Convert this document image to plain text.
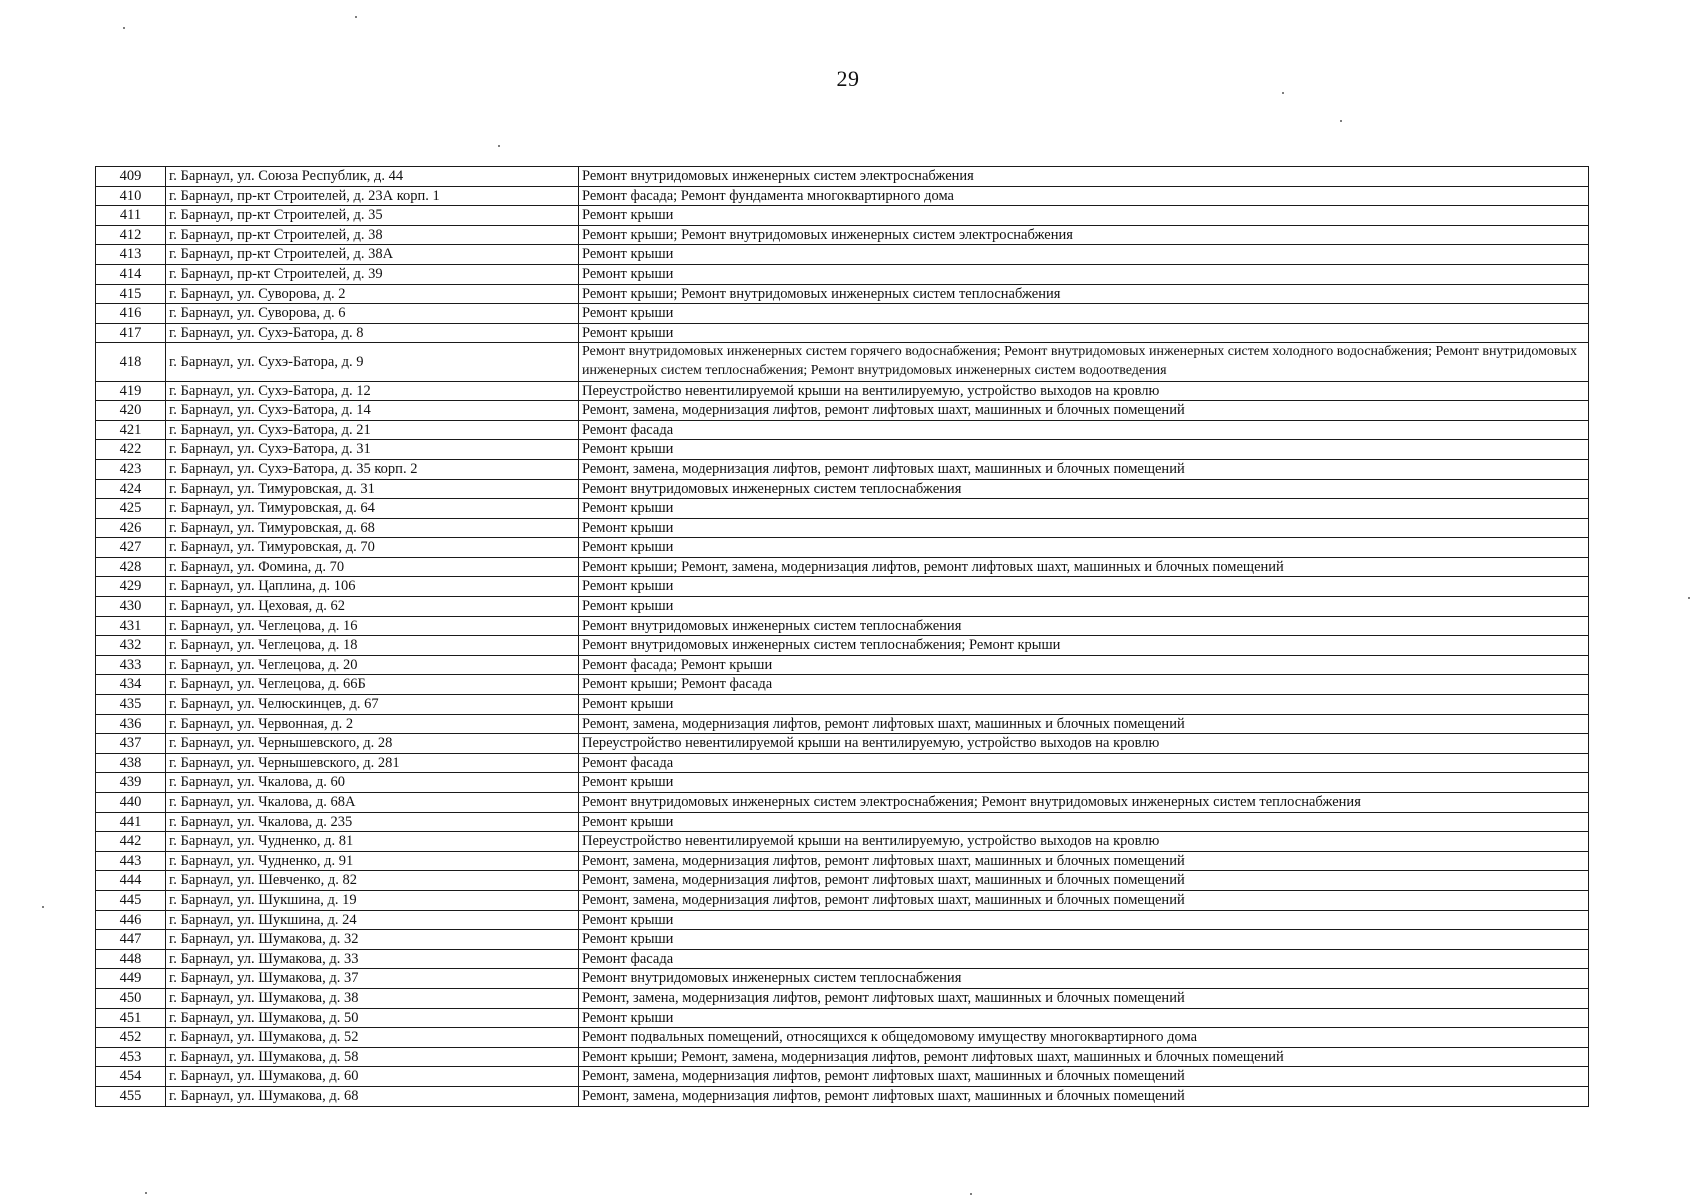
29
409	г. Барнаул, ул. Союза Республик, д. 44	Ремонт внутридомовых инженерных систем электроснабжения
410	г. Барнаул, пр-кт Строителей, д. 23А корп. 1	Ремонт фасада; Ремонт фундамента многоквартирного дома
411	г. Барнаул, пр-кт Строителей, д. 35	Ремонт крыши
412	г. Барнаул, пр-кт Строителей, д. 38	Ремонт крыши; Ремонт внутридомовых инженерных систем электроснабжения
413	г. Барнаул, пр-кт Строителей, д. 38А	Ремонт крыши
414	г. Барнаул, пр-кт Строителей, д. 39	Ремонт крыши
415	г. Барнаул, ул. Суворова, д. 2	Ремонт крыши; Ремонт внутридомовых инженерных систем теплоснабжения
416	г. Барнаул, ул. Суворова, д. 6	Ремонт крыши
417	г. Барнаул, ул. Сухэ-Батора, д. 8	Ремонт крыши
418	г. Барнаул, ул. Сухэ-Батора, д. 9	Ремонт внутридомовых инженерных систем горячего водоснабжения; Ремонт внутридомовых инженерных систем холодного водоснабжения; Ремонт внутридомовых инженерных систем теплоснабжения; Ремонт внутридомовых инженерных систем водоотведения
419	г. Барнаул, ул. Сухэ-Батора, д. 12	Переустройство невентилируемой крыши на вентилируемую, устройство выходов на кровлю
420	г. Барнаул, ул. Сухэ-Батора, д. 14	Ремонт, замена, модернизация лифтов, ремонт лифтовых шахт, машинных и блочных помещений
421	г. Барнаул, ул. Сухэ-Батора, д. 21	Ремонт фасада
422	г. Барнаул, ул. Сухэ-Батора, д. 31	Ремонт крыши
423	г. Барнаул, ул. Сухэ-Батора, д. 35 корп. 2	Ремонт, замена, модернизация лифтов, ремонт лифтовых шахт, машинных и блочных помещений
424	г. Барнаул, ул. Тимуровская, д. 31	Ремонт внутридомовых инженерных систем теплоснабжения
425	г. Барнаул, ул. Тимуровская, д. 64	Ремонт крыши
426	г. Барнаул, ул. Тимуровская, д. 68	Ремонт крыши
427	г. Барнаул, ул. Тимуровская, д. 70	Ремонт крыши
428	г. Барнаул, ул. Фомина, д. 70	Ремонт крыши; Ремонт, замена, модернизация лифтов, ремонт лифтовых шахт, машинных и блочных помещений
429	г. Барнаул, ул. Цаплина, д. 106	Ремонт крыши
430	г. Барнаул, ул. Цеховая, д. 62	Ремонт крыши
431	г. Барнаул, ул. Чеглецова, д. 16	Ремонт внутридомовых инженерных систем теплоснабжения
432	г. Барнаул, ул. Чеглецова, д. 18	Ремонт внутридомовых инженерных систем теплоснабжения; Ремонт крыши
433	г. Барнаул, ул. Чеглецова, д. 20	Ремонт фасада; Ремонт крыши
434	г. Барнаул, ул. Чеглецова, д. 66Б	Ремонт крыши; Ремонт фасада
435	г. Барнаул, ул. Челюскинцев, д. 67	Ремонт крыши
436	г. Барнаул, ул. Червонная, д. 2	Ремонт, замена, модернизация лифтов, ремонт лифтовых шахт, машинных и блочных помещений
437	г. Барнаул, ул. Чернышевского, д. 28	Переустройство невентилируемой крыши на вентилируемую, устройство выходов на кровлю
438	г. Барнаул, ул. Чернышевского, д. 281	Ремонт фасада
439	г. Барнаул, ул. Чкалова, д. 60	Ремонт крыши
440	г. Барнаул, ул. Чкалова, д. 68А	Ремонт внутридомовых инженерных систем электроснабжения; Ремонт внутридомовых инженерных систем теплоснабжения
441	г. Барнаул, ул. Чкалова, д. 235	Ремонт крыши
442	г. Барнаул, ул. Чудненко, д. 81	Переустройство невентилируемой крыши на вентилируемую, устройство выходов на кровлю
443	г. Барнаул, ул. Чудненко, д. 91	Ремонт, замена, модернизация лифтов, ремонт лифтовых шахт, машинных и блочных помещений
444	г. Барнаул, ул. Шевченко, д. 82	Ремонт, замена, модернизация лифтов, ремонт лифтовых шахт, машинных и блочных помещений
445	г. Барнаул, ул. Шукшина, д. 19	Ремонт, замена, модернизация лифтов, ремонт лифтовых шахт, машинных и блочных помещений
446	г. Барнаул, ул. Шукшина, д. 24	Ремонт крыши
447	г. Барнаул, ул. Шумакова, д. 32	Ремонт крыши
448	г. Барнаул, ул. Шумакова, д. 33	Ремонт фасада
449	г. Барнаул, ул. Шумакова, д. 37	Ремонт внутридомовых инженерных систем теплоснабжения
450	г. Барнаул, ул. Шумакова, д. 38	Ремонт, замена, модернизация лифтов, ремонт лифтовых шахт, машинных и блочных помещений
451	г. Барнаул, ул. Шумакова, д. 50	Ремонт крыши
452	г. Барнаул, ул. Шумакова, д. 52	Ремонт подвальных помещений, относящихся к общедомовому имуществу многоквартирного дома
453	г. Барнаул, ул. Шумакова, д. 58	Ремонт крыши; Ремонт, замена, модернизация лифтов, ремонт лифтовых шахт, машинных и блочных помещений
454	г. Барнаул, ул. Шумакова, д. 60	Ремонт, замена, модернизация лифтов, ремонт лифтовых шахт, машинных и блочных помещений
455	г. Барнаул, ул. Шумакова, д. 68	Ремонт, замена, модернизация лифтов, ремонт лифтовых шахт, машинных и блочных помещений
